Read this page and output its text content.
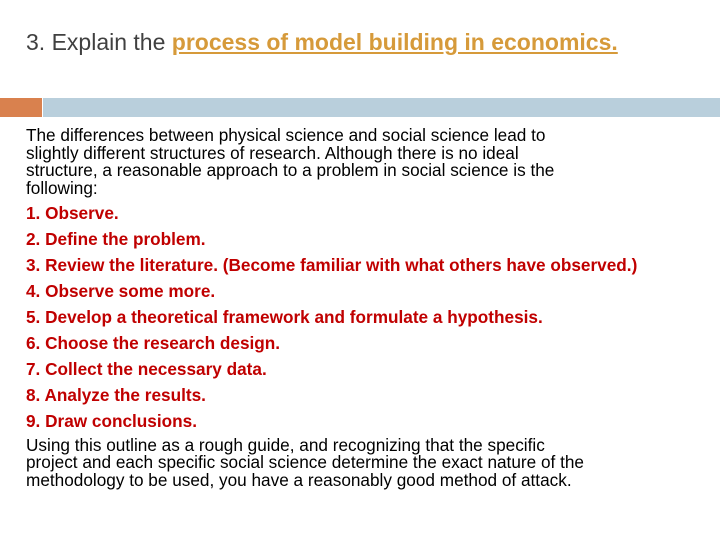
3. Explain the process of model building in economics.
The differences between physical science and social science lead to
slightly different structures of research. Although there is no ideal
structure, a reasonable approach to a problem in social science is the
following:
1. Observe.
2. Define the problem.
3. Review the literature. (Become familiar with what others have observed.)
4. Observe some more.
5. Develop a theoretical framework and formulate a hypothesis.
6. Choose the research design.
7. Collect the necessary data.
8. Analyze the results.
9. Draw conclusions.
Using this outline as a rough guide, and recognizing that the specific
project and each specific social science determine the exact nature of the
methodology to be used, you have a reasonably good method of attack.
